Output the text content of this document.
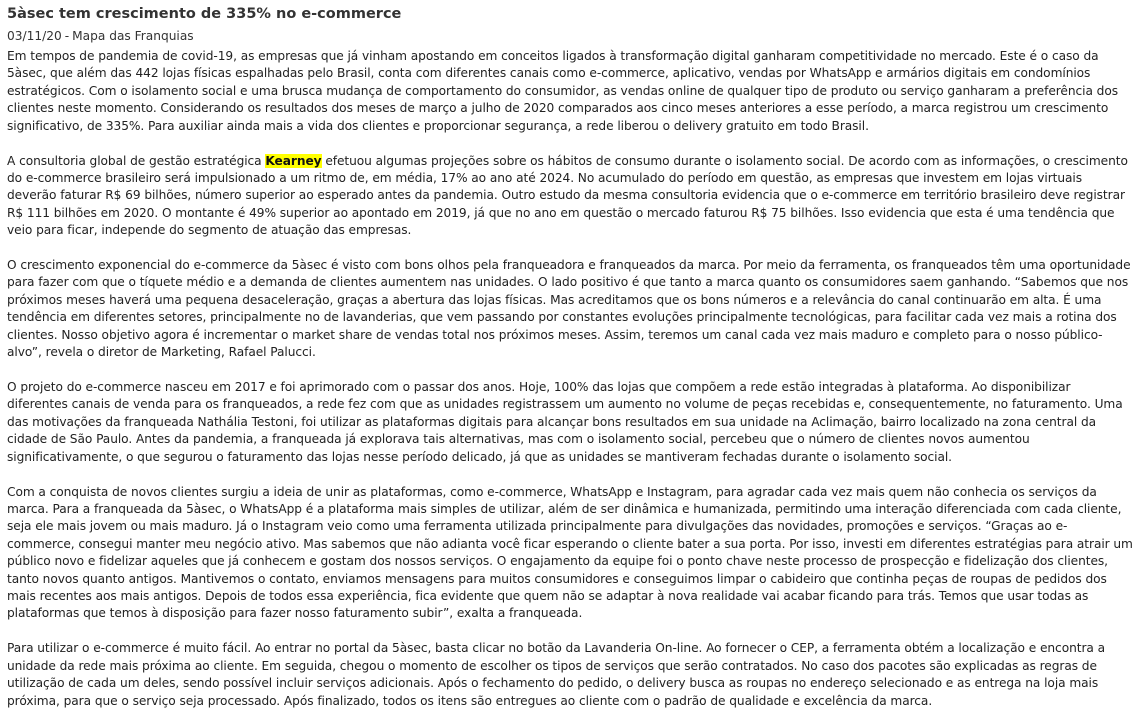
5àsec tem crescimento de 335% no e-commerce
03/11/20 - Mapa das Franquias

Em tempos de pandemia de covid-19, as empresas que já vinham apostando em conceitos ligados à transformação digital ganharam competitividade no mercado. Este é o caso da 5àsec, que além das 442 lojas físicas espalhadas pelo Brasil, conta com diferentes canais como e-commerce, aplicativo, vendas por WhatsApp e armários digitais em condomínios estratégicos. Com o isolamento social e uma brusca mudança de comportamento do consumidor, as vendas online de qualquer tipo de produto ou serviço ganharam a preferência dos clientes neste momento. Considerando os resultados dos meses de março a julho de 2020 comparados aos cinco meses anteriores a esse período, a marca registrou um crescimento significativo, de 335%. Para auxiliar ainda mais a vida dos clientes e proporcionar segurança, a rede liberou o delivery gratuito em todo Brasil.

A consultoria global de gestão estratégica Kearney efetuou algumas projeções sobre os hábitos de consumo durante o isolamento social. De acordo com as informações, o crescimento do e-commerce brasileiro será impulsionado a um ritmo de, em média, 17% ao ano até 2024. No acumulado do período em questão, as empresas que investem em lojas virtuais deverão faturar R$ 69 bilhões, número superior ao esperado antes da pandemia. Outro estudo da mesma consultoria evidencia que o e-commerce em território brasileiro deve registrar R$ 111 bilhões em 2020. O montante é 49% superior ao apontado em 2019, já que no ano em questão o mercado faturou R$ 75 bilhões. Isso evidencia que esta é uma tendência que veio para ficar, independe do segmento de atuação das empresas.

O crescimento exponencial do e-commerce da 5àsec é visto com bons olhos pela franqueadora e franqueados da marca. Por meio da ferramenta, os franqueados têm uma oportunidade para fazer com que o tíquete médio e a demanda de clientes aumentem nas unidades. O lado positivo é que tanto a marca quanto os consumidores saem ganhando. “Sabemos que nos próximos meses haverá uma pequena desaceleração, graças a abertura das lojas físicas. Mas acreditamos que os bons números e a relevância do canal continuarão em alta. É uma tendência em diferentes setores, principalmente no de lavanderias, que vem passando por constantes evoluções principalmente tecnológicas, para facilitar cada vez mais a rotina dos clientes. Nosso objetivo agora é incrementar o market share de vendas total nos próximos meses. Assim, teremos um canal cada vez mais maduro e completo para o nosso público-alvo”, revela o diretor de Marketing, Rafael Palucci.

O projeto do e-commerce nasceu em 2017 e foi aprimorado com o passar dos anos. Hoje, 100% das lojas que compõem a rede estão integradas à plataforma. Ao disponibilizar diferentes canais de venda para os franqueados, a rede fez com que as unidades registrassem um aumento no volume de peças recebidas e, consequentemente, no faturamento. Uma das motivações da franqueada Nathália Testoni, foi utilizar as plataformas digitais para alcançar bons resultados em sua unidade na Aclimação, bairro localizado na zona central da cidade de São Paulo. Antes da pandemia, a franqueada já explorava tais alternativas, mas com o isolamento social, percebeu que o número de clientes novos aumentou significativamente, o que segurou o faturamento das lojas nesse período delicado, já que as unidades se mantiveram fechadas durante o isolamento social.

Com a conquista de novos clientes surgiu a ideia de unir as plataformas, como e-commerce, WhatsApp e Instagram, para agradar cada vez mais quem não conhecia os serviços da marca. Para a franqueada da 5àsec, o WhatsApp é a plataforma mais simples de utilizar, além de ser dinâmica e humanizada, permitindo uma interação diferenciada com cada cliente, seja ele mais jovem ou mais maduro. Já o Instagram veio como uma ferramenta utilizada principalmente para divulgações das novidades, promoções e serviços. “Graças ao e-commerce, consegui manter meu negócio ativo. Mas sabemos que não adianta você ficar esperando o cliente bater a sua porta. Por isso, investi em diferentes estratégias para atrair um público novo e fidelizar aqueles que já conhecem e gostam dos nossos serviços. O engajamento da equipe foi o ponto chave neste processo de prospecção e fidelização dos clientes, tanto novos quanto antigos. Mantivemos o contato, enviamos mensagens para muitos consumidores e conseguimos limpar o cabideiro que continha peças de roupas de pedidos dos mais recentes aos mais antigos. Depois de todos essa experiência, fica evidente que quem não se adaptar à nova realidade vai acabar ficando para trás. Temos que usar todas as plataformas que temos à disposição para fazer nosso faturamento subir”, exalta a franqueada.

Para utilizar o e-commerce é muito fácil. Ao entrar no portal da 5àsec, basta clicar no botão da Lavanderia On-line. Ao fornecer o CEP, a ferramenta obtém a localização e encontra a unidade da rede mais próxima ao cliente. Em seguida, chegou o momento de escolher os tipos de serviços que serão contratados. No caso dos pacotes são explicadas as regras de utilização de cada um deles, sendo possível incluir serviços adicionais. Após o fechamento do pedido, o delivery busca as roupas no endereço selecionado e as entrega na loja mais próxima, para que o serviço seja processado. Após finalizado, todos os itens são entregues ao cliente com o padrão de qualidade e excelência da marca.
